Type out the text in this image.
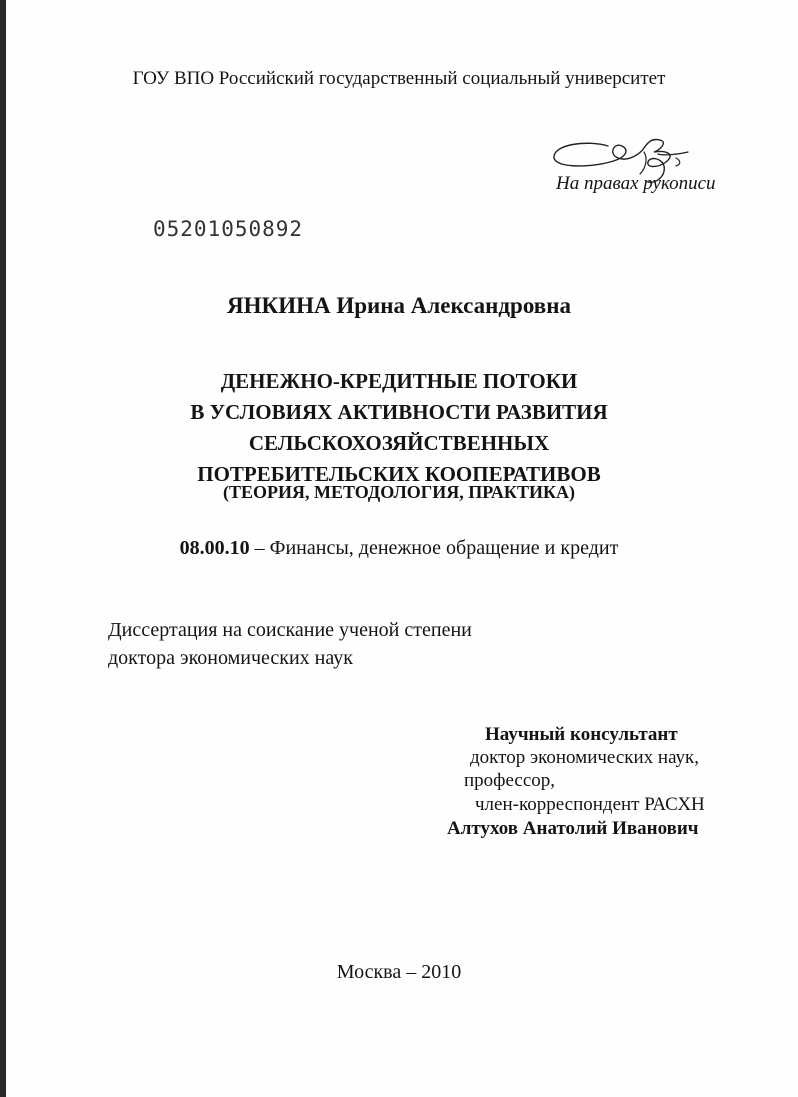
ГОУ ВПО Российский государственный социальный университет
На правах рукописи
05201050892
ЯНКИНА Ирина Александровна
ДЕНЕЖНО-КРЕДИТНЫЕ ПОТОКИ
В УСЛОВИЯХ АКТИВНОСТИ РАЗВИТИЯ
СЕЛЬСКОХОЗЯЙСТВЕННЫХ
ПОТРЕБИТЕЛЬСКИХ КООПЕРАТИВОВ
(ТЕОРИЯ, МЕТОДОЛОГИЯ, ПРАКТИКА)
08.00.10 – Финансы, денежное обращение и кредит
Диссертация на соискание ученой степени
доктора экономических наук
Научный консультант
доктор экономических наук,
профессор,
член-корреспондент РАСХН
Алтухов Анатолий Иванович
Москва – 2010
